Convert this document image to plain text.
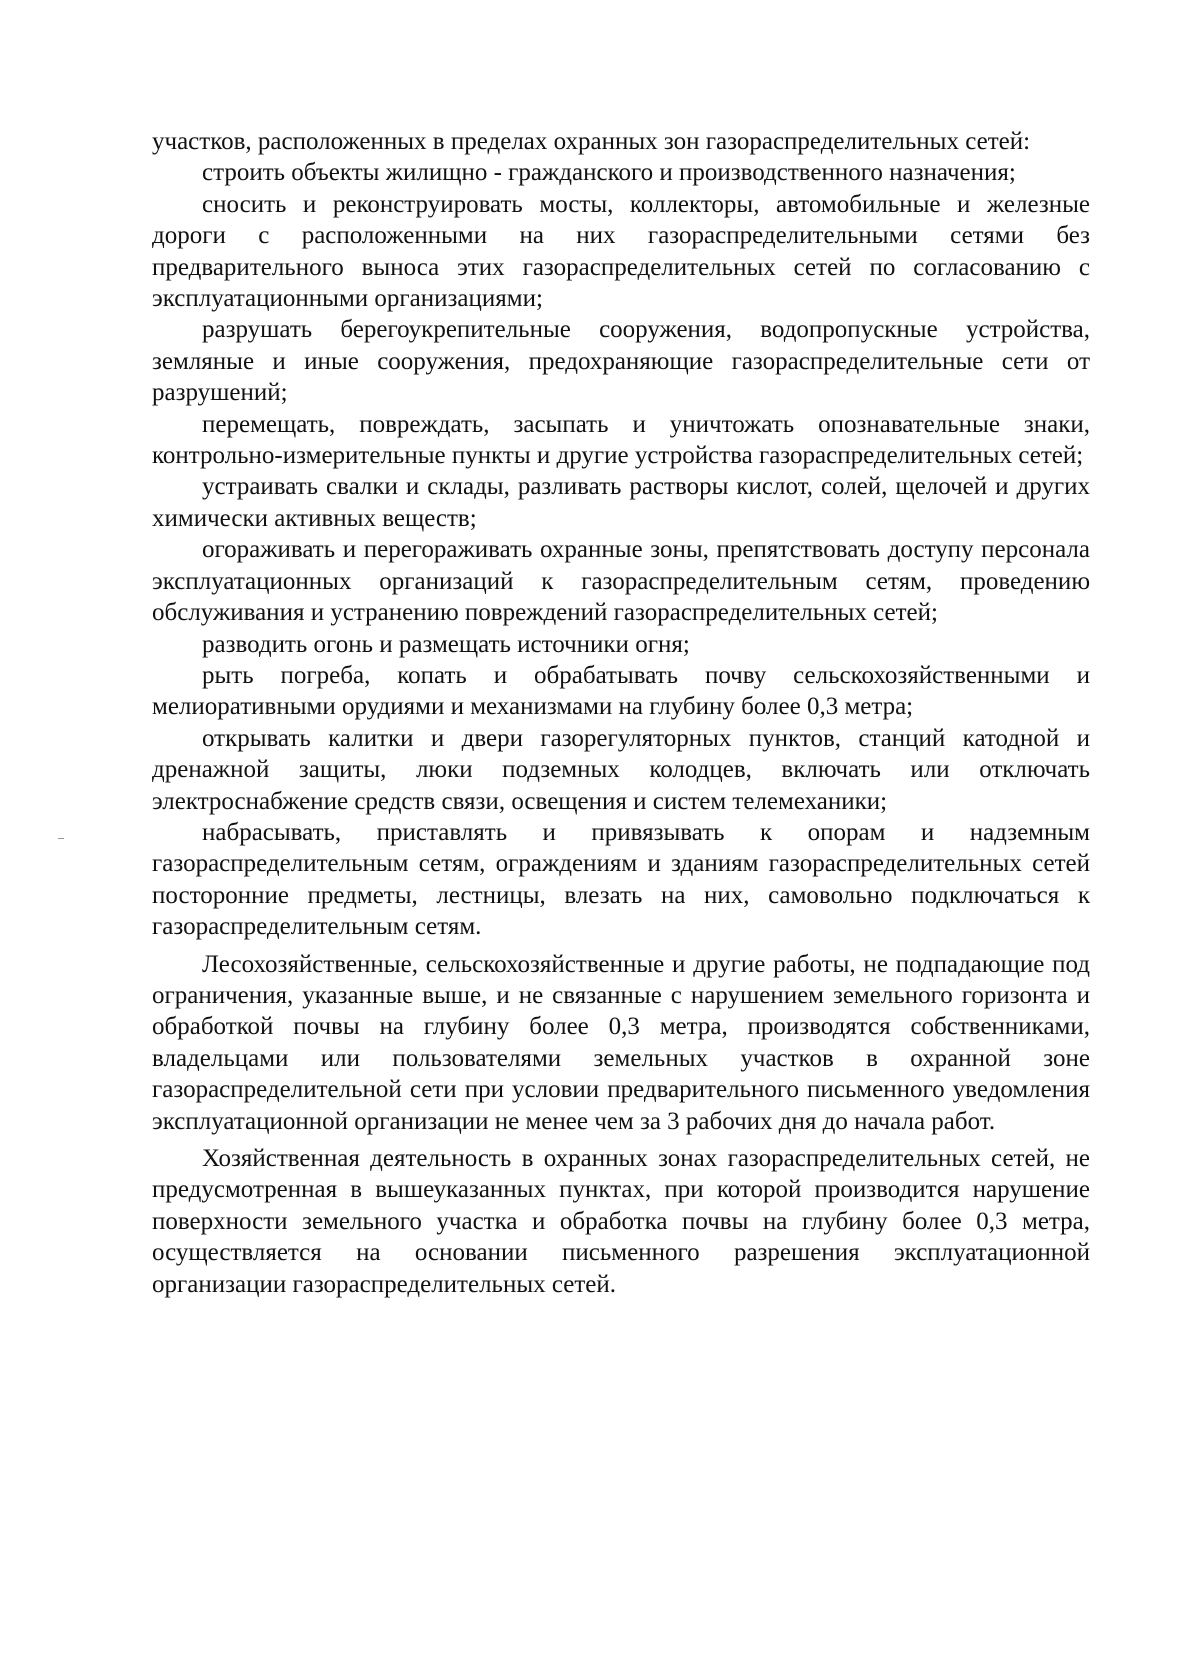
участков, расположенных в пределах охранных зон газораспределительных сетей:

строить объекты жилищно - гражданского и производственного назначения;

сносить и реконструировать мосты, коллекторы, автомобильные и железные дороги с расположенными на них газораспределительными сетями без предварительного выноса этих газораспределительных сетей по согласованию с эксплуатационными организациями;

разрушать берегоукрепительные сооружения, водопропускные устройства, земляные и иные сооружения, предохраняющие газораспределительные сети от разрушений;

перемещать, повреждать, засыпать и уничтожать опознавательные знаки, контрольно-измерительные пункты и другие устройства газораспределительных сетей;

устраивать свалки и склады, разливать растворы кислот, солей, щелочей и других химически активных веществ;

огораживать и перегораживать охранные зоны, препятствовать доступу персонала эксплуатационных организаций к газораспределительным сетям, проведению обслуживания и устранению повреждений газораспределительных сетей;

разводить огонь и размещать источники огня;

рыть погреба, копать и обрабатывать почву сельскохозяйственными и мелиоративными орудиями и механизмами на глубину более 0,3 метра;

открывать калитки и двери газорегуляторных пунктов, станций катодной и дренажной защиты, люки подземных колодцев, включать или отключать электроснабжение средств связи, освещения и систем телемеханики;

набрасывать, приставлять и привязывать к опорам и надземным газораспределительным сетям, ограждениям и зданиям газораспределительных сетей посторонние предметы, лестницы, влезать на них, самовольно подключаться к газораспределительным сетям.

Лесохозяйственные, сельскохозяйственные и другие работы, не подпадающие под ограничения, указанные выше, и не связанные с нарушением земельного горизонта и обработкой почвы на глубину более 0,3 метра, производятся собственниками, владельцами или пользователями земельных участков в охранной зоне газораспределительной сети при условии предварительного письменного уведомления эксплуатационной организации не менее чем за 3 рабочих дня до начала работ.

Хозяйственная деятельность в охранных зонах газораспределительных сетей, не предусмотренная в вышеуказанных пунктах, при которой производится нарушение поверхности земельного участка и обработка почвы на глубину более 0,3 метра, осуществляется на основании письменного разрешения эксплуатационной организации газораспределительных сетей.
